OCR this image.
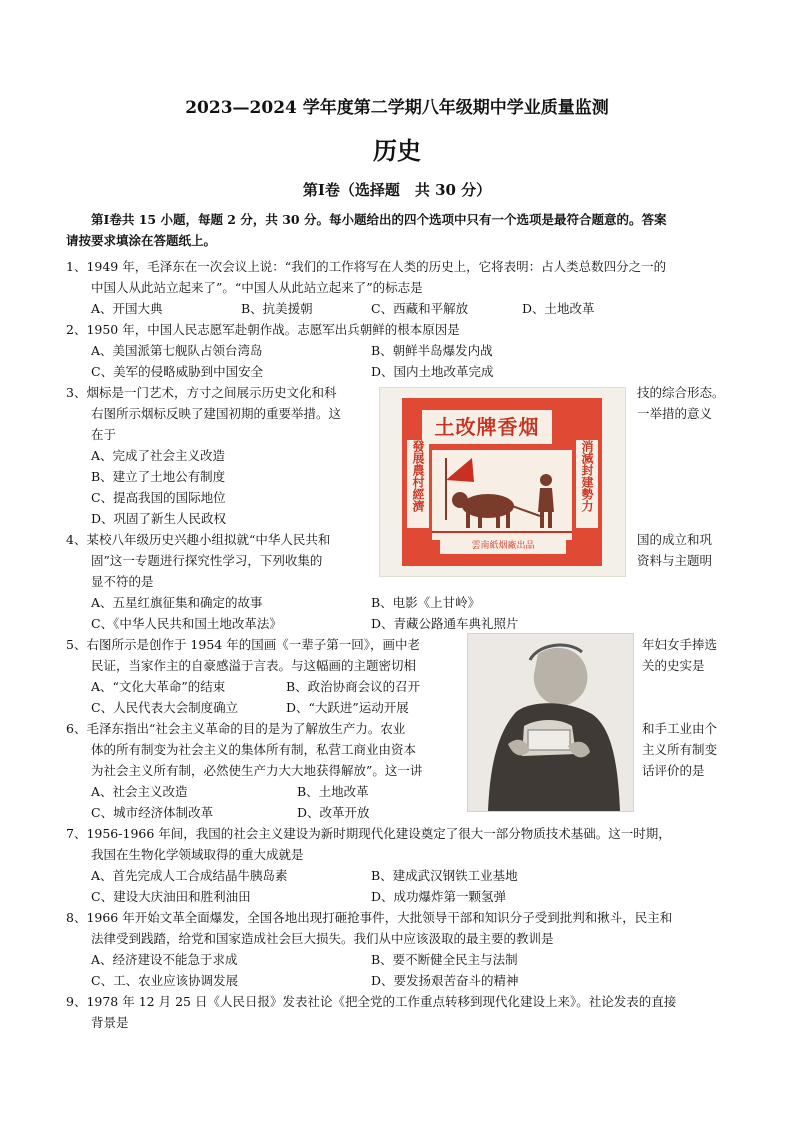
2023—2024 学年度第二学期八年级期中学业质量监测
历史
第Ⅰ卷（选择题　共 30 分）
第Ⅰ卷共 15 小题，每题 2 分，共 30 分。每小题给出的四个选项中只有一个选项是最符合题意的。答案
请按要求填涂在答题纸上。
1、1949 年，毛泽东在一次会议上说：“我们的工作将写在人类的历史上，它将表明：占人类总数四分之一的
中国人从此站立起来了”。“中国人从此站立起来了”的标志是
A、开国大典	B、抗美援朝	C、西藏和平解放	D、土地改革
2、1950 年，中国人民志愿军赴朝作战。志愿军出兵朝鲜的根本原因是
A、美国派第七舰队占领台湾岛	B、朝鲜半岛爆发内战
C、美军的侵略威胁到中国安全	D、国内土地改革完成
3、烟标是一门艺术，方寸之间展示历史文化和科	技的综合形态。
右图所示烟标反映了建国初期的重要举措。这	一举措的意义
在于
A、完成了社会主义改造
B、建立了土地公有制度
C、提高我国的国际地位
D、巩固了新生人民政权
土改牌香烟
發展農村經濟	消滅封建勢力
雲南紙烟廠出品
4、某校八年级历史兴趣小组拟就“中华人民共和	国的成立和巩
固”这一专题进行探究性学习，下列收集的	资料与主题明
显不符的是
A、五星红旗征集和确定的故事	B、电影《上甘岭》
C、《中华人民共和国土地改革法》	D、青藏公路通车典礼照片
5、右图所示是创作于 1954 年的国画《一辈子第一回》，画中老	年妇女手捧选
民证，当家作主的自豪感溢于言表。与这幅画的主题密切相	关的史实是
A、“文化大革命”的结束	B、政治协商会议的召开
C、人民代表大会制度确立	D、“大跃进”运动开展
6、毛泽东指出“社会主义革命的目的是为了解放生产力。农业	和手工业由个
体的所有制变为社会主义的集体所有制，私营工商业由资本	主义所有制变
为社会主义所有制，必然使生产力大大地获得解放”。这一讲	话评价的是
A、社会主义改造	B、土地改革
C、城市经济体制改革	D、改革开放
7、1956-1966 年间，我国的社会主义建设为新时期现代化建设奠定了很大一部分物质技术基础。这一时期，
我国在生物化学领域取得的重大成就是
A、首先完成人工合成结晶牛胰岛素	B、建成武汉钢铁工业基地
C、建设大庆油田和胜利油田	D、成功爆炸第一颗氢弹
8、1966 年开始文革全面爆发，全国各地出现打砸抢事件，大批领导干部和知识分子受到批判和揪斗，民主和
法律受到践踏，给党和国家造成社会巨大损失。我们从中应该汲取的最主要的教训是
A、经济建设不能急于求成	B、要不断健全民主与法制
C、工、农业应该协调发展	D、要发扬艰苦奋斗的精神
9、1978 年 12 月 25 日《人民日报》发表社论《把全党的工作重点转移到现代化建设上来》。社论发表的直接
背景是
